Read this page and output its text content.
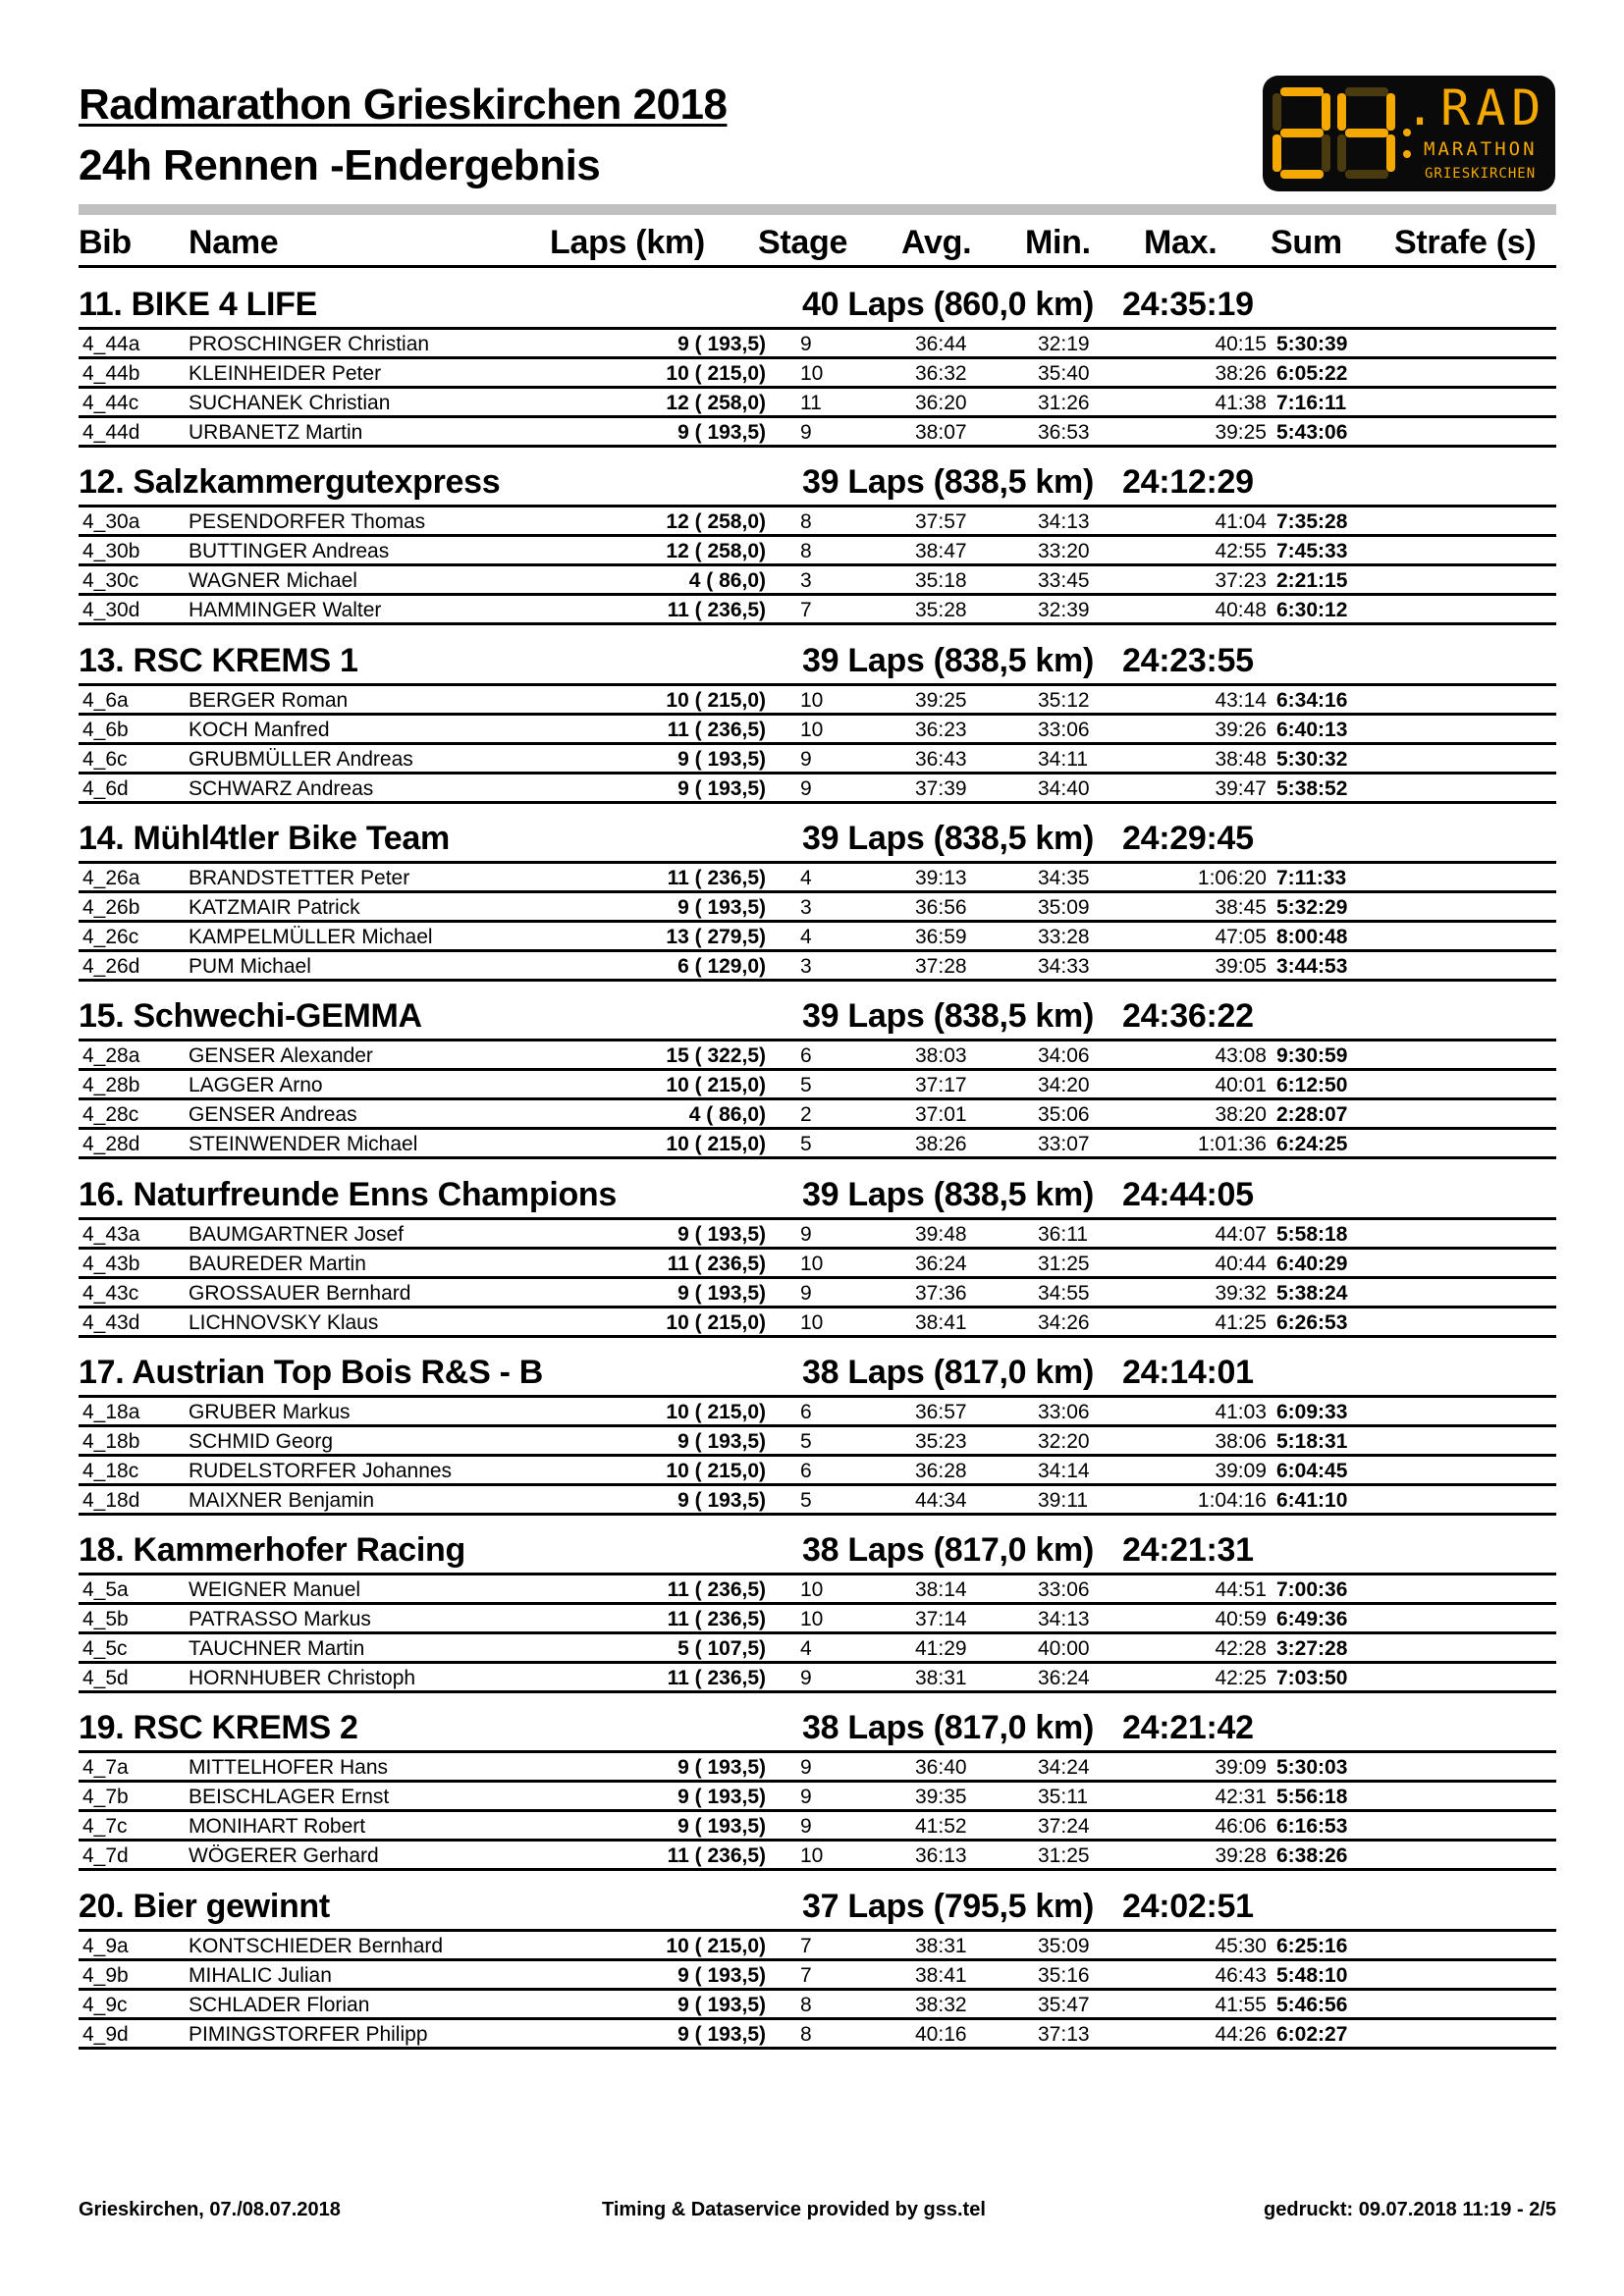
Radmarathon Grieskirchen 2018
24h Rennen -Endergebnis
.RAD
MARATHON
GRIESKIRCHEN
Bib Name	Laps (km) Stage Avg. Min. Max. Sum Strafe (s)
11. BIKE 4 LIFE	40 Laps (860,0 km) 24:35:19
4_44a PROSCHINGER Christian	9 ( 193,5) 9	36:44	32:19	40:15 5:30:39
4_44b KLEINHEIDER Peter	10 ( 215,0) 10	36:32	35:40	38:26 6:05:22
4_44c SUCHANEK Christian	12 ( 258,0) 11	36:20	31:26	41:38 7:16:11
4_44d URBANETZ Martin	9 ( 193,5) 9	38:07	36:53	39:25 5:43:06
12. Salzkammergutexpress	39 Laps (838,5 km) 24:12:29
4_30a PESENDORFER Thomas	12 ( 258,0) 8	37:57	34:13	41:04 7:35:28
4_30b BUTTINGER Andreas	12 ( 258,0) 8	38:47	33:20	42:55 7:45:33
4_30c WAGNER Michael	4 ( 86,0) 3	35:18	33:45	37:23 2:21:15
4_30d HAMMINGER Walter	11 ( 236,5) 7	35:28	32:39	40:48 6:30:12
13. RSC KREMS 1	39 Laps (838,5 km) 24:23:55
4_6a	BERGER Roman	10 ( 215,0) 10	39:25	35:12	43:14 6:34:16
4_6b	KOCH Manfred	11 ( 236,5) 10	36:23	33:06	39:26 6:40:13
4_6c	GRUBMÜLLER Andreas	9 ( 193,5) 9	36:43	34:11	38:48 5:30:32
4_6d	SCHWARZ Andreas	9 ( 193,5) 9	37:39	34:40	39:47 5:38:52
14. Mühl4tler Bike Team	39 Laps (838,5 km) 24:29:45
4_26a BRANDSTETTER Peter	11 ( 236,5) 4	39:13	34:35	1:06:20 7:11:33
4_26b KATZMAIR Patrick	9 ( 193,5) 3	36:56	35:09	38:45 5:32:29
4_26c KAMPELMÜLLER Michael	13 ( 279,5) 4	36:59	33:28	47:05 8:00:48
4_26d PUM Michael	6 ( 129,0) 3	37:28	34:33	39:05 3:44:53
15. Schwechi-GEMMA	39 Laps (838,5 km) 24:36:22
4_28a GENSER Alexander	15 ( 322,5) 6	38:03	34:06	43:08 9:30:59
4_28b LAGGER Arno	10 ( 215,0) 5	37:17	34:20	40:01 6:12:50
4_28c GENSER Andreas	4 ( 86,0) 2	37:01	35:06	38:20 2:28:07
4_28d STEINWENDER Michael	10 ( 215,0) 5	38:26	33:07	1:01:36 6:24:25
16. Naturfreunde Enns Champions	39 Laps (838,5 km) 24:44:05
4_43a BAUMGARTNER Josef	9 ( 193,5) 9	39:48	36:11	44:07 5:58:18
4_43b BAUREDER Martin	11 ( 236,5) 10	36:24	31:25	40:44 6:40:29
4_43c GROSSAUER Bernhard	9 ( 193,5) 9	37:36	34:55	39:32 5:38:24
4_43d LICHNOVSKY Klaus	10 ( 215,0) 10	38:41	34:26	41:25 6:26:53
17. Austrian Top Bois R&S - B	38 Laps (817,0 km) 24:14:01
4_18a GRUBER Markus	10 ( 215,0) 6	36:57	33:06	41:03 6:09:33
4_18b SCHMID Georg	9 ( 193,5) 5	35:23	32:20	38:06 5:18:31
4_18c RUDELSTORFER Johannes	10 ( 215,0) 6	36:28	34:14	39:09 6:04:45
4_18d MAIXNER Benjamin	9 ( 193,5) 5	44:34	39:11	1:04:16 6:41:10
18. Kammerhofer Racing	38 Laps (817,0 km) 24:21:31
4_5a	WEIGNER Manuel	11 ( 236,5) 10	38:14	33:06	44:51 7:00:36
4_5b	PATRASSO Markus	11 ( 236,5) 10	37:14	34:13	40:59 6:49:36
4_5c	TAUCHNER Martin	5 ( 107,5) 4	41:29	40:00	42:28 3:27:28
4_5d	HORNHUBER Christoph	11 ( 236,5) 9	38:31	36:24	42:25 7:03:50
19. RSC KREMS 2	38 Laps (817,0 km) 24:21:42
4_7a	MITTELHOFER Hans	9 ( 193,5) 9	36:40	34:24	39:09 5:30:03
4_7b	BEISCHLAGER Ernst	9 ( 193,5) 9	39:35	35:11	42:31 5:56:18
4_7c	MONIHART Robert	9 ( 193,5) 9	41:52	37:24	46:06 6:16:53
4_7d	WÖGERER Gerhard	11 ( 236,5) 10	36:13	31:25	39:28 6:38:26
20. Bier gewinnt	37 Laps (795,5 km) 24:02:51
4_9a	KONTSCHIEDER Bernhard	10 ( 215,0) 7	38:31	35:09	45:30 6:25:16
4_9b	MIHALIC Julian	9 ( 193,5) 7	38:41	35:16	46:43 5:48:10
4_9c	SCHLADER Florian	9 ( 193,5) 8	38:32	35:47	41:55 5:46:56
4_9d	PIMINGSTORFER Philipp	9 ( 193,5) 8	40:16	37:13	44:26 6:02:27
Grieskirchen, 07./08.07.2018	Timing & Dataservice provided by gss.tel	gedruckt: 09.07.2018 11:19 - 2/5
